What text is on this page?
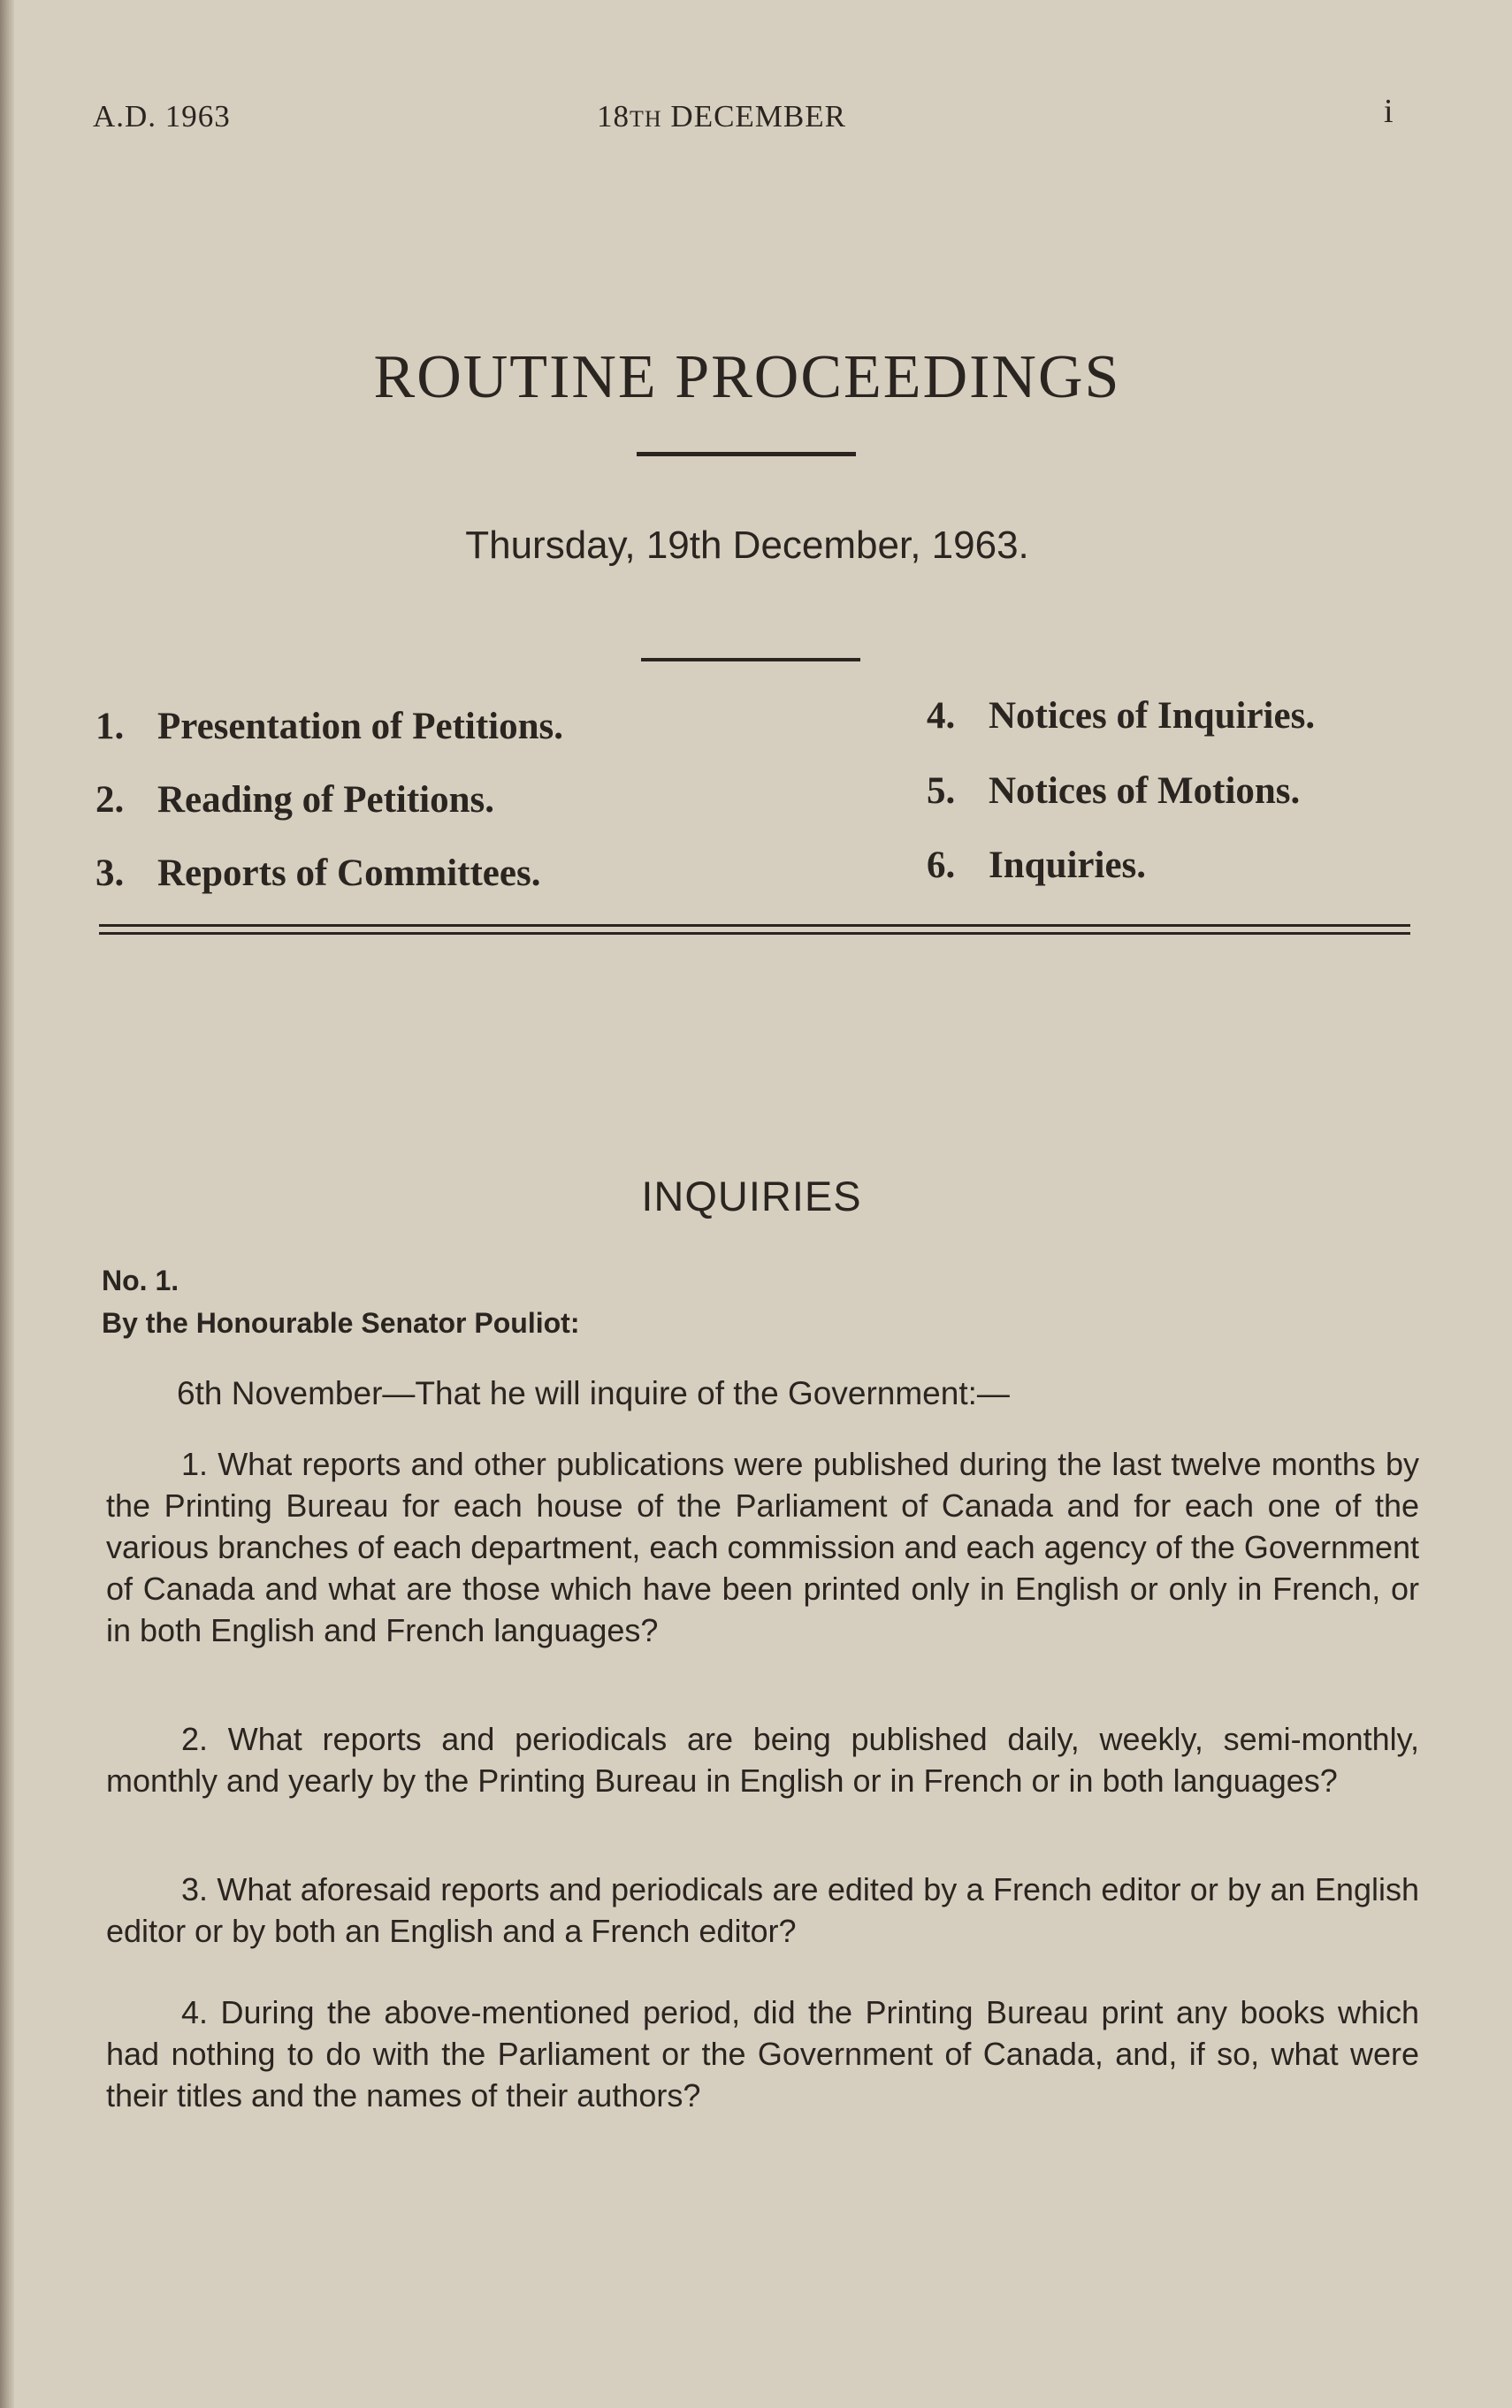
A.D. 1963	18TH DECEMBER	i
ROUTINE PROCEEDINGS
Thursday, 19th December, 1963.
1. Presentation of Petitions.
2. Reading of Petitions.
3. Reports of Committees.
4. Notices of Inquiries.
5. Notices of Motions.
6. Inquiries.
INQUIRIES
No. 1.
By the Honourable Senator Pouliot:
6th November—That he will inquire of the Government:—

1. What reports and other publications were published during the last twelve months by the Printing Bureau for each house of the Parliament of Canada and for each one of the various branches of each department, each commission and each agency of the Government of Canada and what are those which have been printed only in English or only in French, or in both English and French languages?

2. What reports and periodicals are being published daily, weekly, semi-monthly, monthly and yearly by the Printing Bureau in English or in French or in both languages?

3. What aforesaid reports and periodicals are edited by a French editor or by an English editor or by both an English and a French editor?

4. During the above-mentioned period, did the Printing Bureau print any books which had nothing to do with the Parliament or the Government of Canada, and, if so, what were their titles and the names of their authors?
